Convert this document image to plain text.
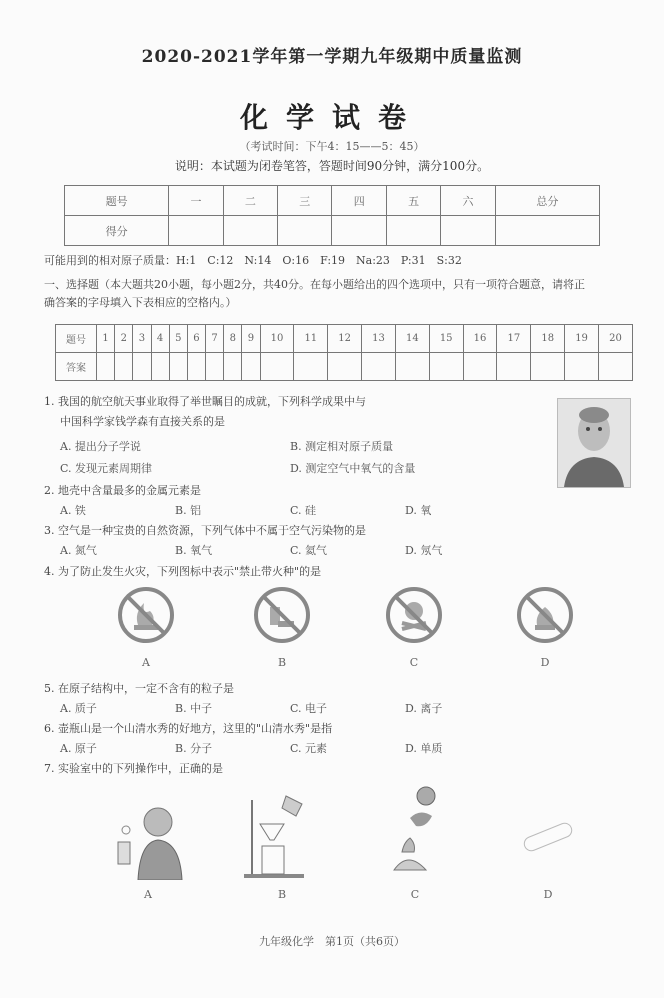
2020-2021学年第一学期九年级期中质量监测
化学试卷
（考试时间：下午4：15——5：45）
说明：本试题为闭卷笔答，答题时间90分钟，满分100分。
题号	一	二	三	四	五	六	总分
得分							
可能用到的相对原子质量：H:1　C:12　N:14　O:16　F:19　Na:23　P:31　S:32
一、选择题（本大题共20小题，每小题2分，共40分。在每小题给出的四个选项中，只有一项符合题意，请将正
确答案的字母填入下表相应的空格内。）
题号	1	2	3	4	5	6	7	8	9	10	11	12	13	14	15	16	17	18	19	20
答案																				
1. 我国的航空航天事业取得了举世瞩目的成就，下列科学成果中与
中国科学家钱学森有直接关系的是
A. 提出分子学说	B. 测定相对原子质量
C. 发现元素周期律	D. 测定空气中氧气的含量
2. 地壳中含量最多的金属元素是
A. 铁	B. 铝	C. 硅	D. 氧
3. 空气是一种宝贵的自然资源，下列气体中不属于空气污染物的是
A. 氮气	B. 氧气	C. 氦气	D. 氖气
4. 为了防止发生火灾，下列图标中表示"禁止带火种"的是
A	B	C	D
5. 在原子结构中，一定不含有的粒子是
A. 质子	B. 中子	C. 电子	D. 离子
6. 壶瓶山是一个山清水秀的好地方，这里的"山清水秀"是指
A. 原子	B. 分子	C. 元素	D. 单质
7. 实验室中的下列操作中，正确的是
A	B	C	D
九年级化学　第1页（共6页）
